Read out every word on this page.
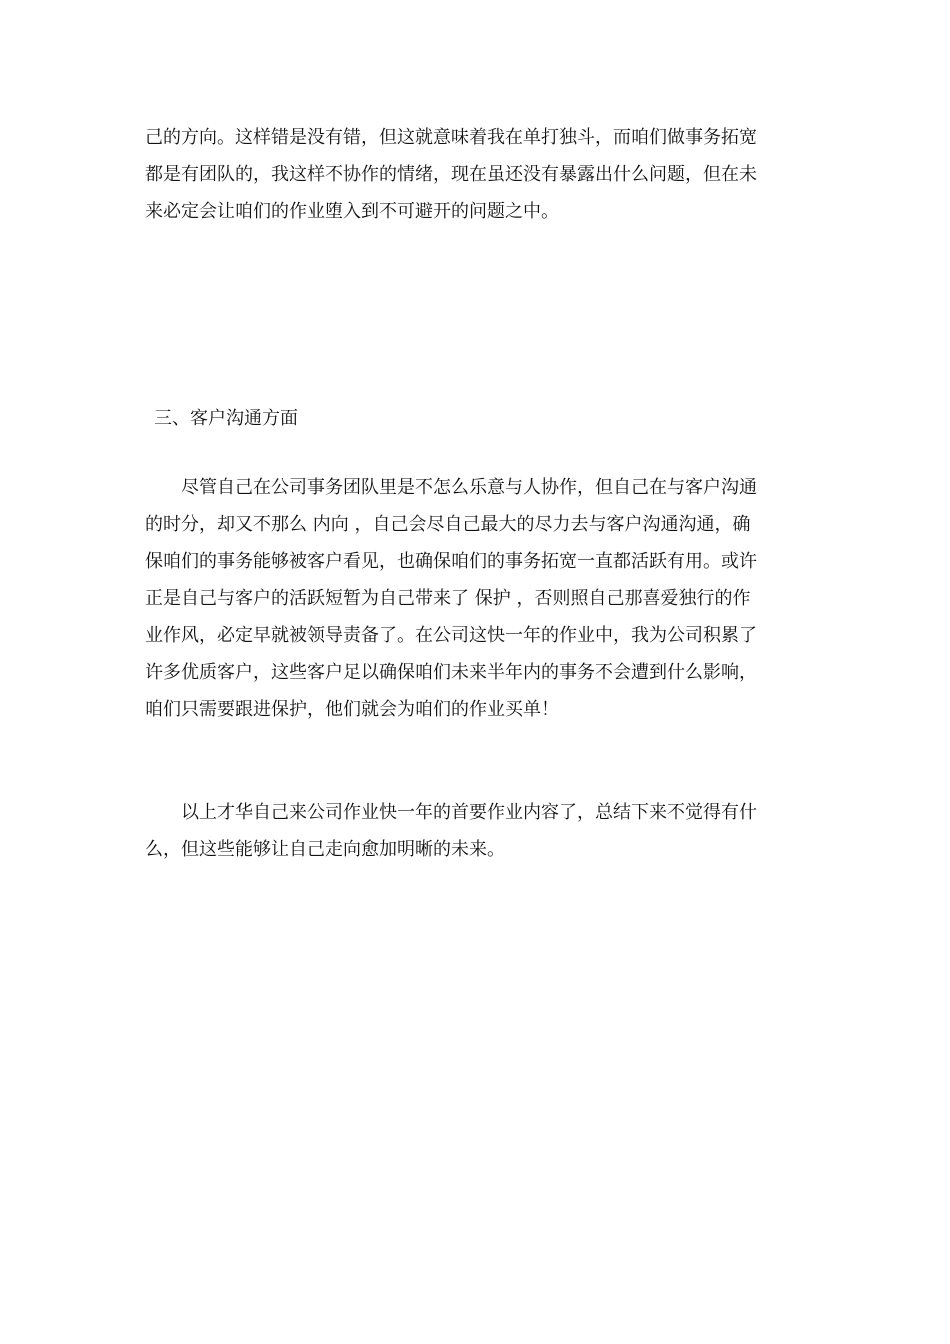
己的方向。这样错是没有错，但这就意味着我在单打独斗，而咱们做事务拓宽
都是有团队的，我这样不协作的情绪，现在虽还没有暴露出什么问题，但在未
来必定会让咱们的作业堕入到不可避开的问题之中。
三、客户沟通方面
　　尽管自己在公司事务团队里是不怎么乐意与人协作，但自己在与客户沟通
的时分，却又不那么 内向 ，自己会尽自己最大的尽力去与客户沟通沟通，确
保咱们的事务能够被客户看见，也确保咱们的事务拓宽一直都活跃有用。或许
正是自己与客户的活跃短暂为自己带来了 保护 ，否则照自己那喜爱独行的作
业作风，必定早就被领导责备了。在公司这快一年的作业中，我为公司积累了
许多优质客户，这些客户足以确保咱们未来半年内的事务不会遭到什么影响，
咱们只需要跟进保护，他们就会为咱们的作业买单！
　　以上才华自己来公司作业快一年的首要作业内容了，总结下来不觉得有什
么，但这些能够让自己走向愈加明晰的未来。
